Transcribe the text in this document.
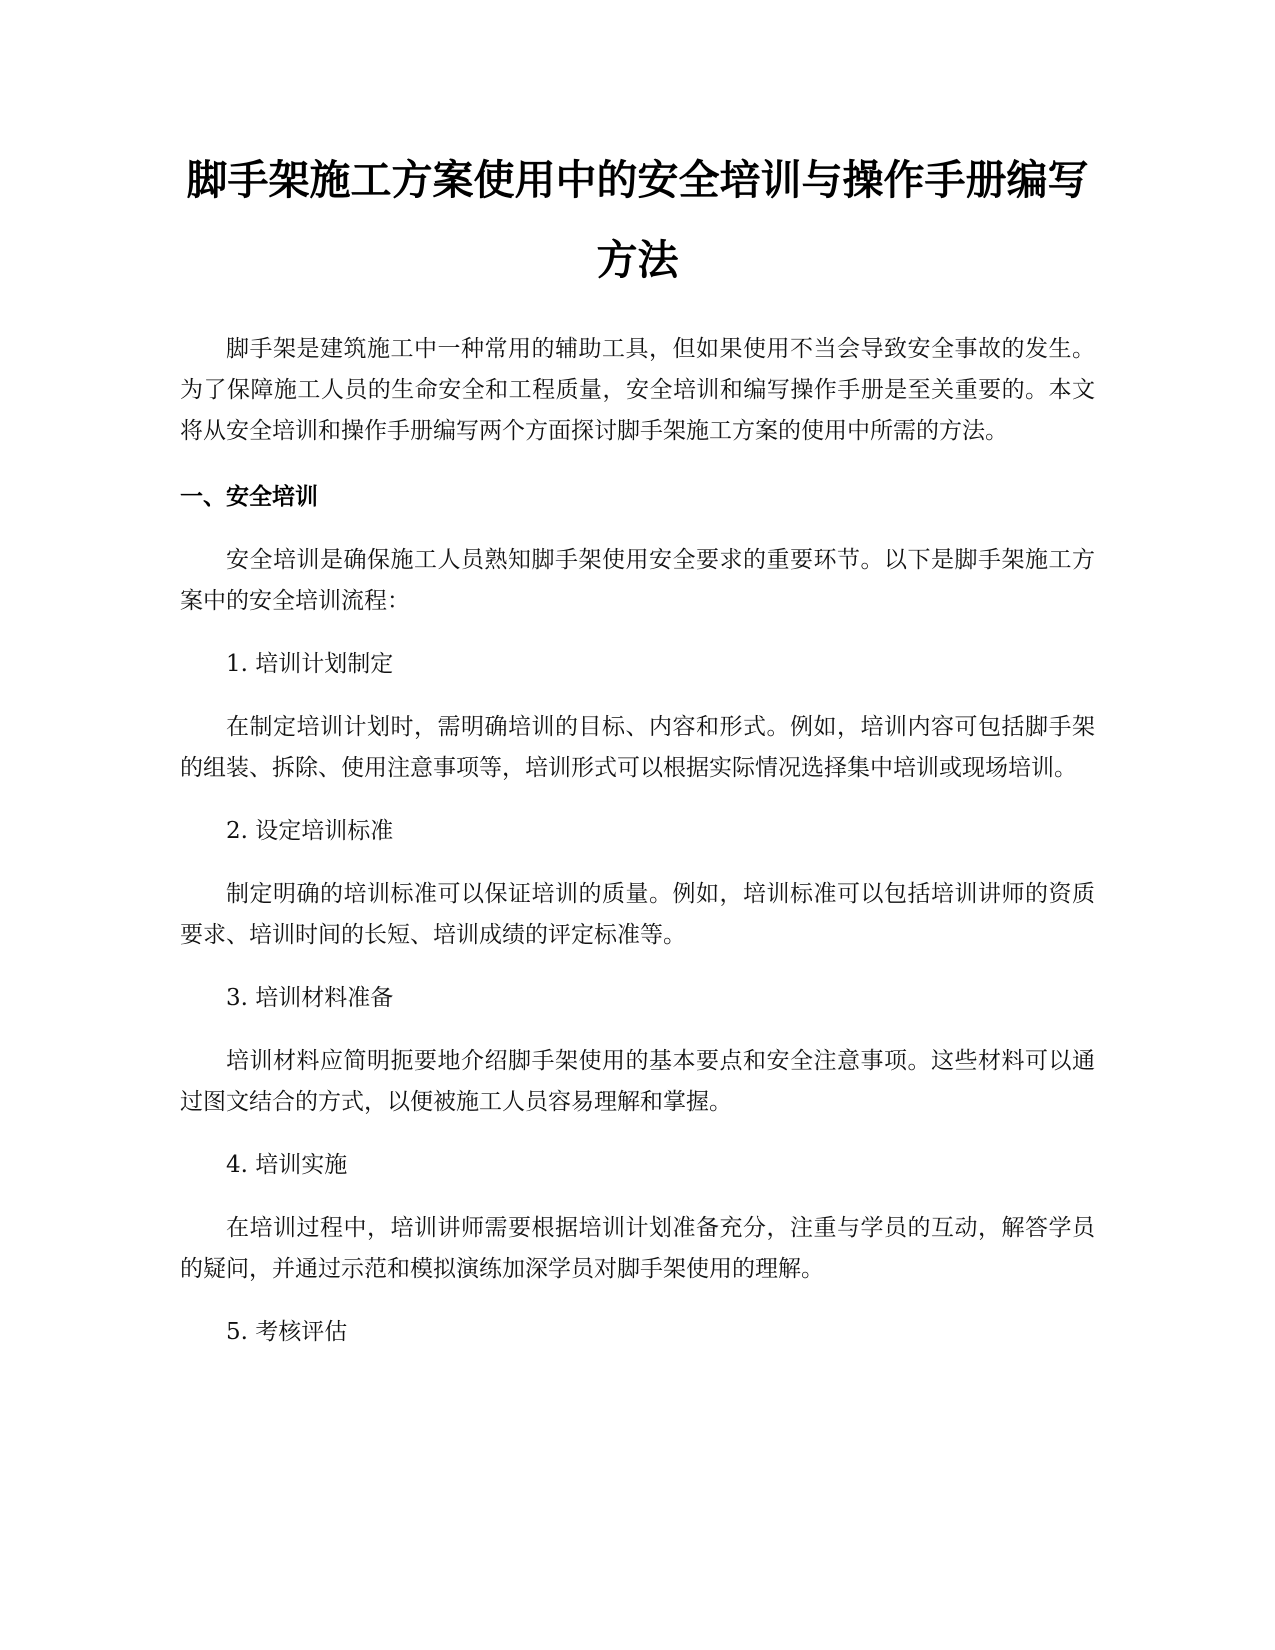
脚手架施工方案使用中的安全培训与操作手册编写方法

脚手架是建筑施工中一种常用的辅助工具，但如果使用不当会导致安全事故的发生。为了保障施工人员的生命安全和工程质量，安全培训和编写操作手册是至关重要的。本文将从安全培训和操作手册编写两个方面探讨脚手架施工方案的使用中所需的方法。

一、安全培训

安全培训是确保施工人员熟知脚手架使用安全要求的重要环节。以下是脚手架施工方案中的安全培训流程：

1. 培训计划制定

在制定培训计划时，需明确培训的目标、内容和形式。例如，培训内容可包括脚手架的组装、拆除、使用注意事项等，培训形式可以根据实际情况选择集中培训或现场培训。

2. 设定培训标准

制定明确的培训标准可以保证培训的质量。例如，培训标准可以包括培训讲师的资质要求、培训时间的长短、培训成绩的评定标准等。

3. 培训材料准备

培训材料应简明扼要地介绍脚手架使用的基本要点和安全注意事项。这些材料可以通过图文结合的方式，以便被施工人员容易理解和掌握。

4. 培训实施

在培训过程中，培训讲师需要根据培训计划准备充分，注重与学员的互动，解答学员的疑问，并通过示范和模拟演练加深学员对脚手架使用的理解。

5. 考核评估
